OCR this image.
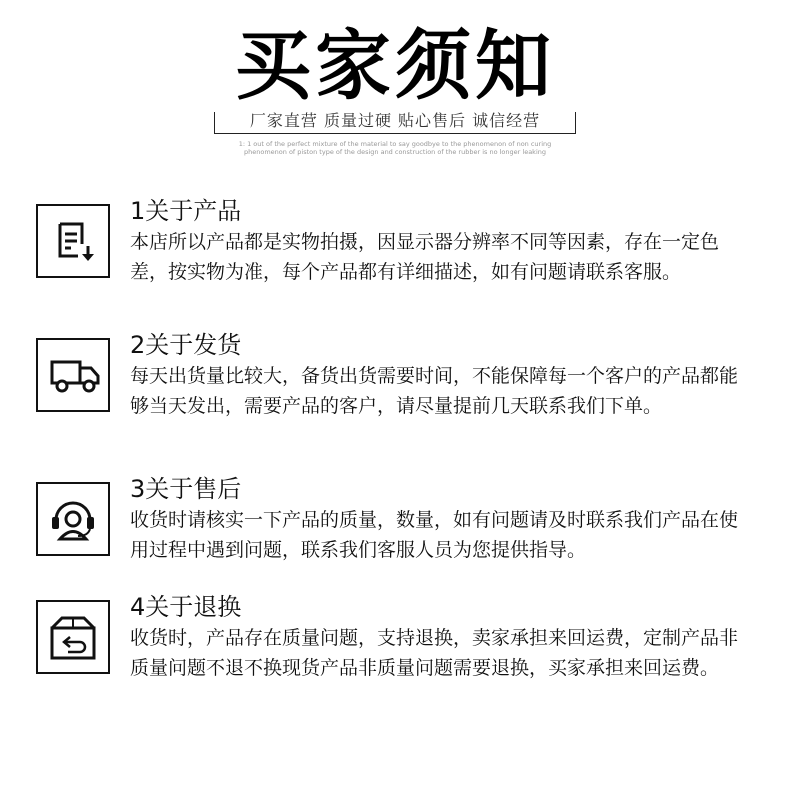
买家须知
厂家直营 质量过硬 贴心售后 诚信经营
1: 1 out of the perfect mixture of the material to say goodbye to the phenomenon of non curing phenomenon of piston type of the design and construction of the rubber is no longer leaking
1关于产品
本店所以产品都是实物拍摄，因显示器分辨率不同等因素，存在一定色差，按实物为准，每个产品都有详细描述，如有问题请联系客服。
2关于发货
每天出货量比较大，备货出货需要时间，不能保障每一个客户的产品都能够当天发出，需要产品的客户，请尽量提前几天联系我们下单。
3关于售后
收货时请核实一下产品的质量，数量，如有问题请及时联系我们产品在使用过程中遇到问题，联系我们客服人员为您提供指导。
4关于退换
收货时，产品存在质量问题，支持退换，卖家承担来回运费，定制产品非质量问题不退不换现货产品非质量问题需要退换，买家承担来回运费。
